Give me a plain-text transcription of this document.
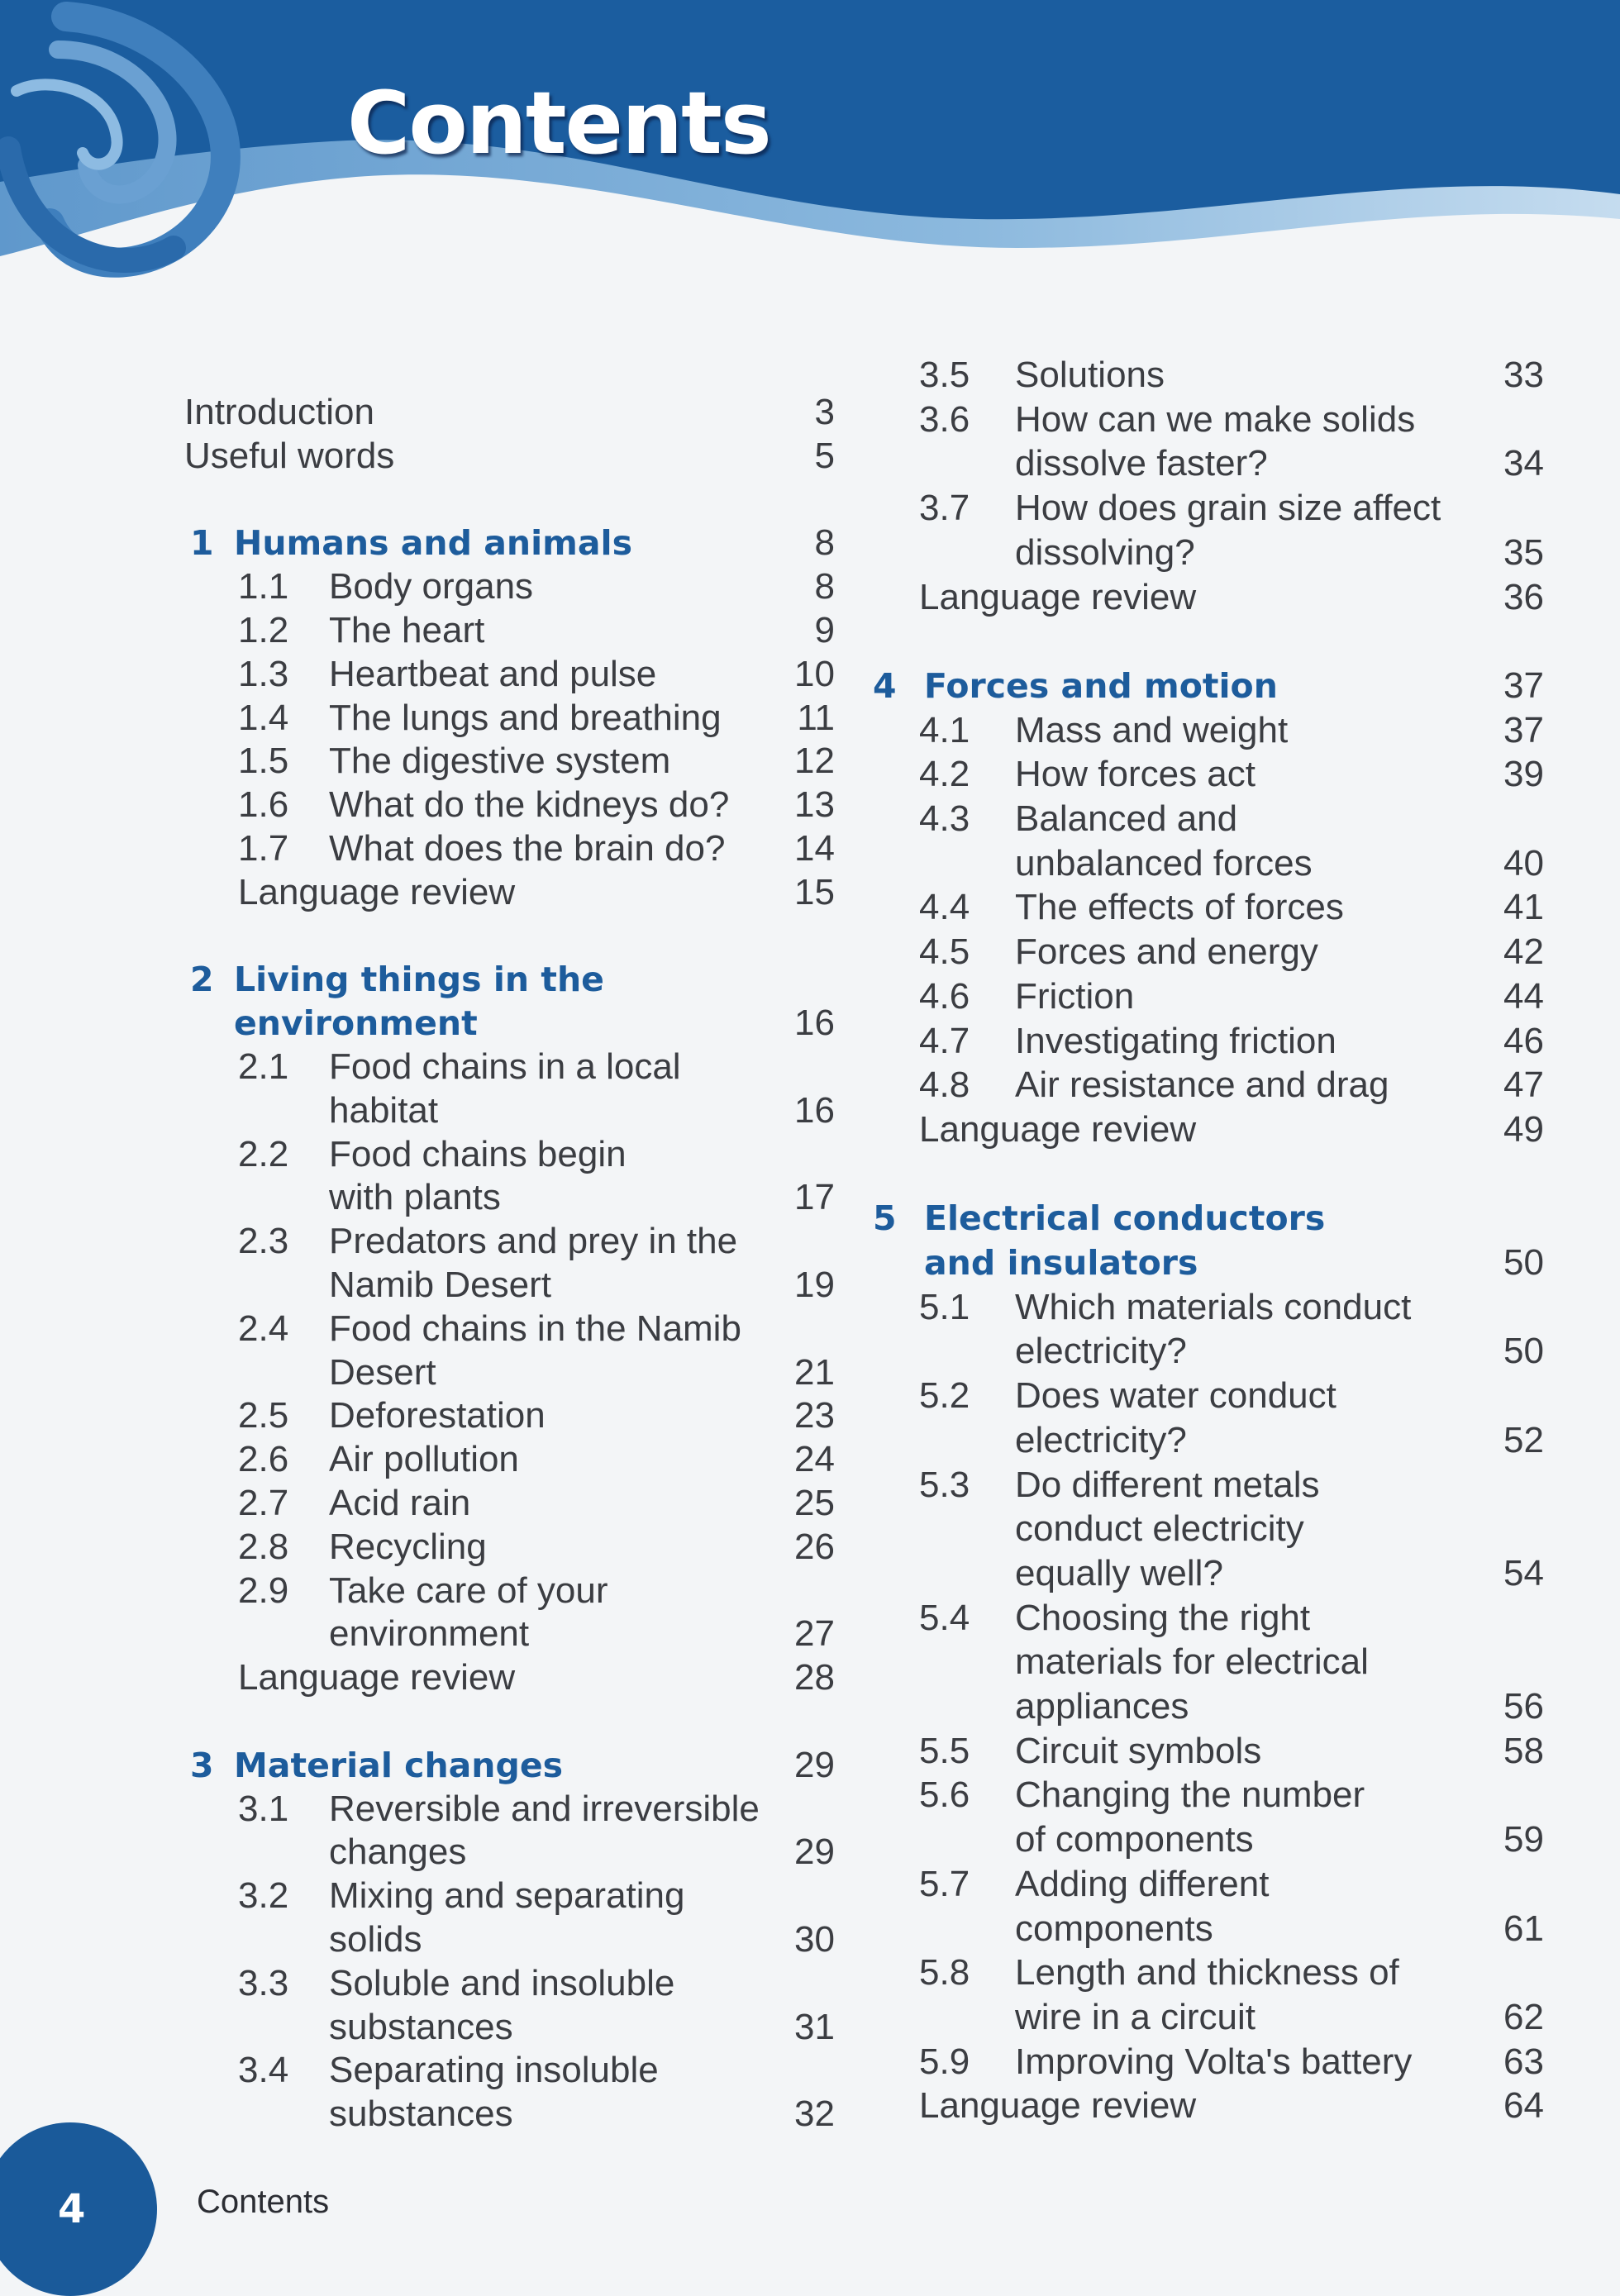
Contents
Introduction	3
Useful words	5
1 Humans and animals	8
1.1 Body organs	8
1.2 The heart	9
1.3 Heartbeat and pulse	10
1.4 The lungs and breathing	11
1.5 The digestive system	12
1.6 What do the kidneys do?	13
1.7 What does the brain do?	14
Language review	15
2 Living things in the
environment	16
2.1 Food chains in a local
habitat	16
2.2 Food chains begin
with plants	17
2.3 Predators and prey in the
Namib Desert	19
2.4 Food chains in the Namib
Desert	21
2.5 Deforestation	23
2.6 Air pollution	24
2.7 Acid rain	25
2.8 Recycling	26
2.9 Take care of your
environment	27
Language review	28
3 Material changes	29
3.1 Reversible and irreversible
changes	29
3.2 Mixing and separating
solids	30
3.3 Soluble and insoluble
substances	31
3.4 Separating insoluble
substances	32
3.5 Solutions	33
3.6 How can we make solids
dissolve faster?	34
3.7 How does grain size affect
dissolving?	35
Language review	36
4 Forces and motion	37
4.1 Mass and weight	37
4.2 How forces act	39
4.3 Balanced and
unbalanced forces	40
4.4 The effects of forces	41
4.5 Forces and energy	42
4.6 Friction	44
4.7 Investigating friction	46
4.8 Air resistance and drag	47
Language review	49
5 Electrical conductors
and insulators	50
5.1 Which materials conduct
electricity?	50
5.2 Does water conduct
electricity?	52
5.3 Do different metals
conduct electricity
equally well?	54
5.4 Choosing the right
materials for electrical
appliances	56
5.5 Circuit symbols	58
5.6 Changing the number
of components	59
5.7 Adding different
components	61
5.8 Length and thickness of
wire in a circuit	62
5.9 Improving Volta's battery	63
Language review	64
4	Contents
